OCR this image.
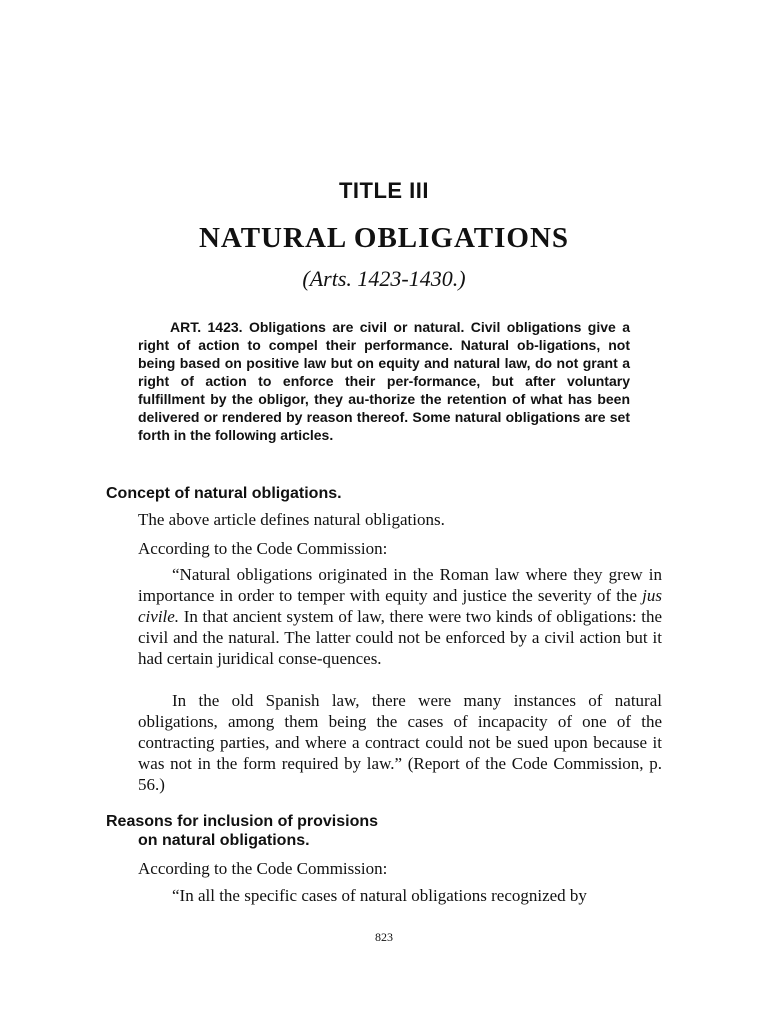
TITLE III
NATURAL OBLIGATIONS
(Arts. 1423-1430.)
ART. 1423. Obligations are civil or natural. Civil obligations give a right of action to compel their performance. Natural ob-ligations, not being based on positive law but on equity and natural law, do not grant a right of action to enforce their per-formance, but after voluntary fulfillment by the obligor, they au-thorize the retention of what has been delivered or rendered by reason thereof. Some natural obligations are set forth in the following articles.
Concept of natural obligations.
The above article defines natural obligations.
According to the Code Commission:
“Natural obligations originated in the Roman law where they grew in importance in order to temper with equity and justice the severity of the jus civile. In that ancient system of law, there were two kinds of obligations: the civil and the natural. The latter could not be enforced by a civil action but it had certain juridical conse-quences.
In the old Spanish law, there were many instances of natural obligations, among them being the cases of incapacity of one of the contracting parties, and where a contract could not be sued upon because it was not in the form required by law.” (Report of the Code Commission, p. 56.)
Reasons for inclusion of provisions
on natural obligations.
According to the Code Commission:
“In all the specific cases of natural obligations recognized by
823
